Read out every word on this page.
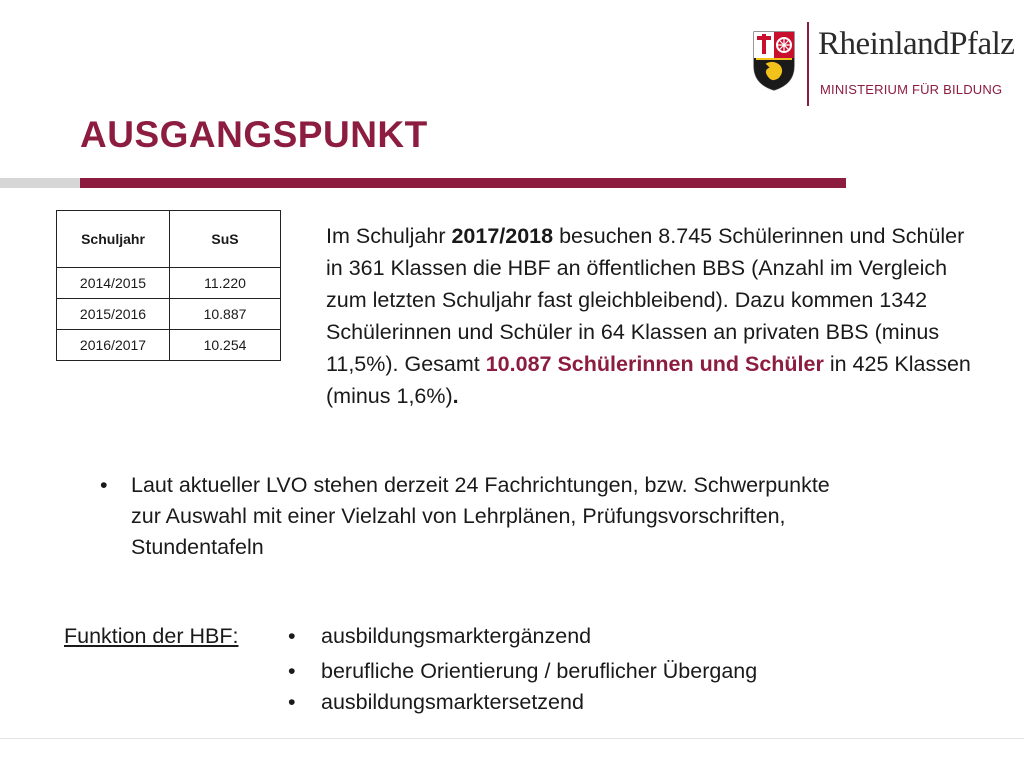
RheinlandPfalz
MINISTERIUM FÜR BILDUNG
AUSGANGSPUNKT
Schuljahr	SuS
2014/2015	11.220
2015/2016	10.887
2016/2017	10.254

Im Schuljahr 2017/2018 besuchen 8.745 Schülerinnen und Schüler in 361 Klassen die HBF an öffentlichen BBS (Anzahl im Vergleich zum letzten Schuljahr fast gleichbleibend). Dazu kommen 1342 Schülerinnen und Schüler in 64 Klassen an privaten BBS (minus 11,5%). Gesamt 10.087 Schülerinnen und Schüler in 425 Klassen (minus 1,6%).

• Laut aktueller LVO stehen derzeit 24 Fachrichtungen, bzw. Schwerpunkte zur Auswahl mit einer Vielzahl von Lehrplänen, Prüfungsvorschriften, Stundentafeln
Funktion der HBF: • ausbildungsmarktergänzend
• berufliche Orientierung / beruflicher Übergang
• ausbildungsmarktersetzend
